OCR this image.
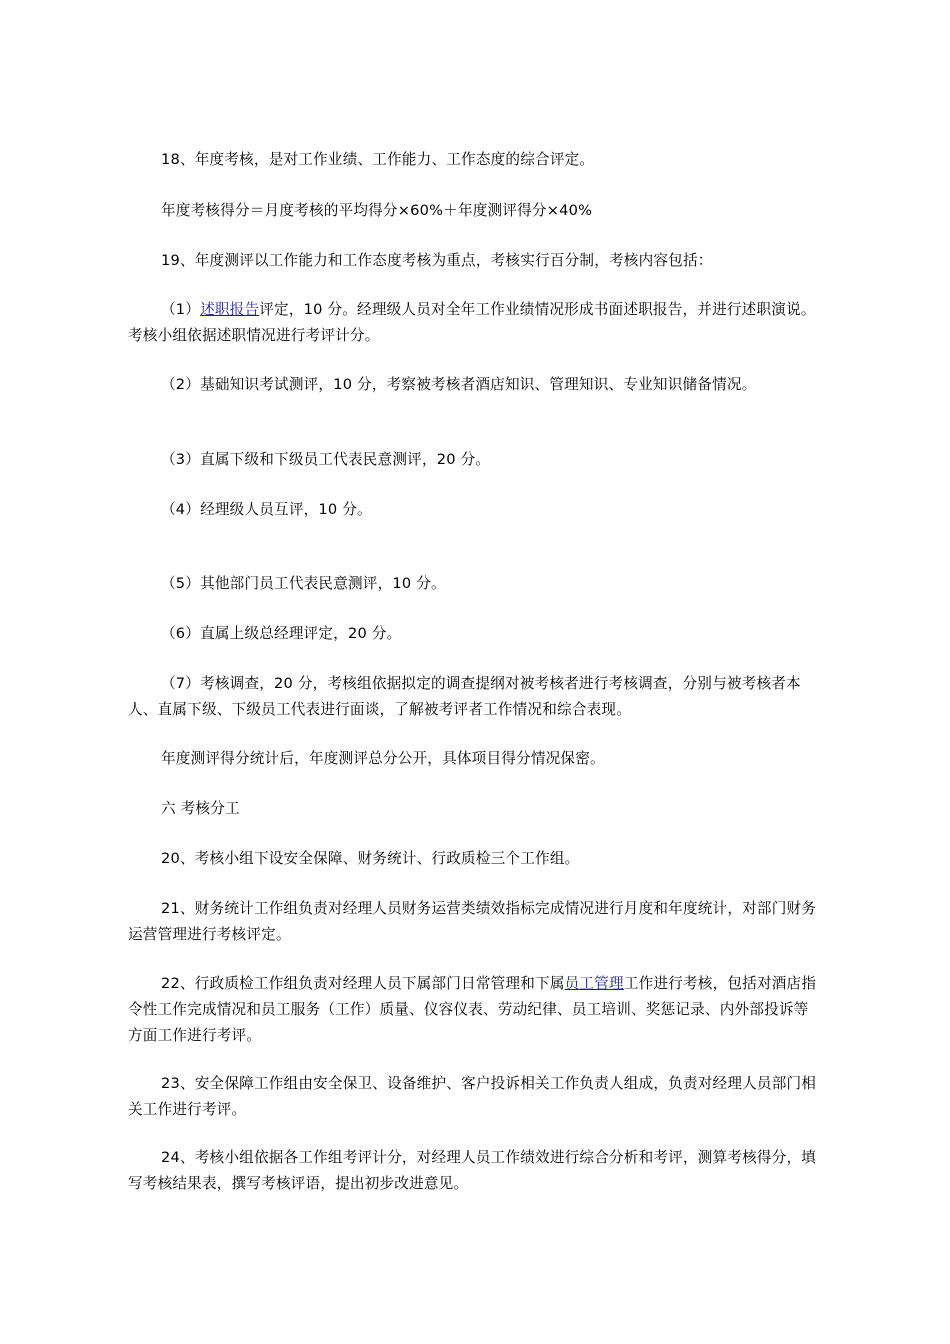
18、年度考核，是对工作业绩、工作能力、工作态度的综合评定。

年度考核得分＝月度考核的平均得分×60%＋年度测评得分×40%

19、年度测评以工作能力和工作态度考核为重点，考核实行百分制，考核内容包括：

（1）述职报告评定，10 分。经理级人员对全年工作业绩情况形成书面述职报告，并进行述职演说。考核小组依据述职情况进行考评计分。

（2）基础知识考试测评，10 分，考察被考核者酒店知识、管理知识、专业知识储备情况。

（3）直属下级和下级员工代表民意测评，20 分。

（4）经理级人员互评，10 分。

（5）其他部门员工代表民意测评，10 分。

（6）直属上级总经理评定，20 分。

（7）考核调查，20 分，考核组依据拟定的调查提纲对被考核者进行考核调查，分别与被考核者本人、直属下级、下级员工代表进行面谈，了解被考评者工作情况和综合表现。

年度测评得分统计后，年度测评总分公开，具体项目得分情况保密。

六 考核分工

20、考核小组下设安全保障、财务统计、行政质检三个工作组。

21、财务统计工作组负责对经理人员财务运营类绩效指标完成情况进行月度和年度统计，对部门财务运营管理进行考核评定。

22、行政质检工作组负责对经理人员下属部门日常管理和下属员工管理工作进行考核，包括对酒店指令性工作完成情况和员工服务（工作）质量、仪容仪表、劳动纪律、员工培训、奖惩记录、内外部投诉等方面工作进行考评。

23、安全保障工作组由安全保卫、设备维护、客户投诉相关工作负责人组成，负责对经理人员部门相关工作进行考评。

24、考核小组依据各工作组考评计分，对经理人员工作绩效进行综合分析和考评，测算考核得分，填写考核结果表，撰写考核评语，提出初步改进意见。
